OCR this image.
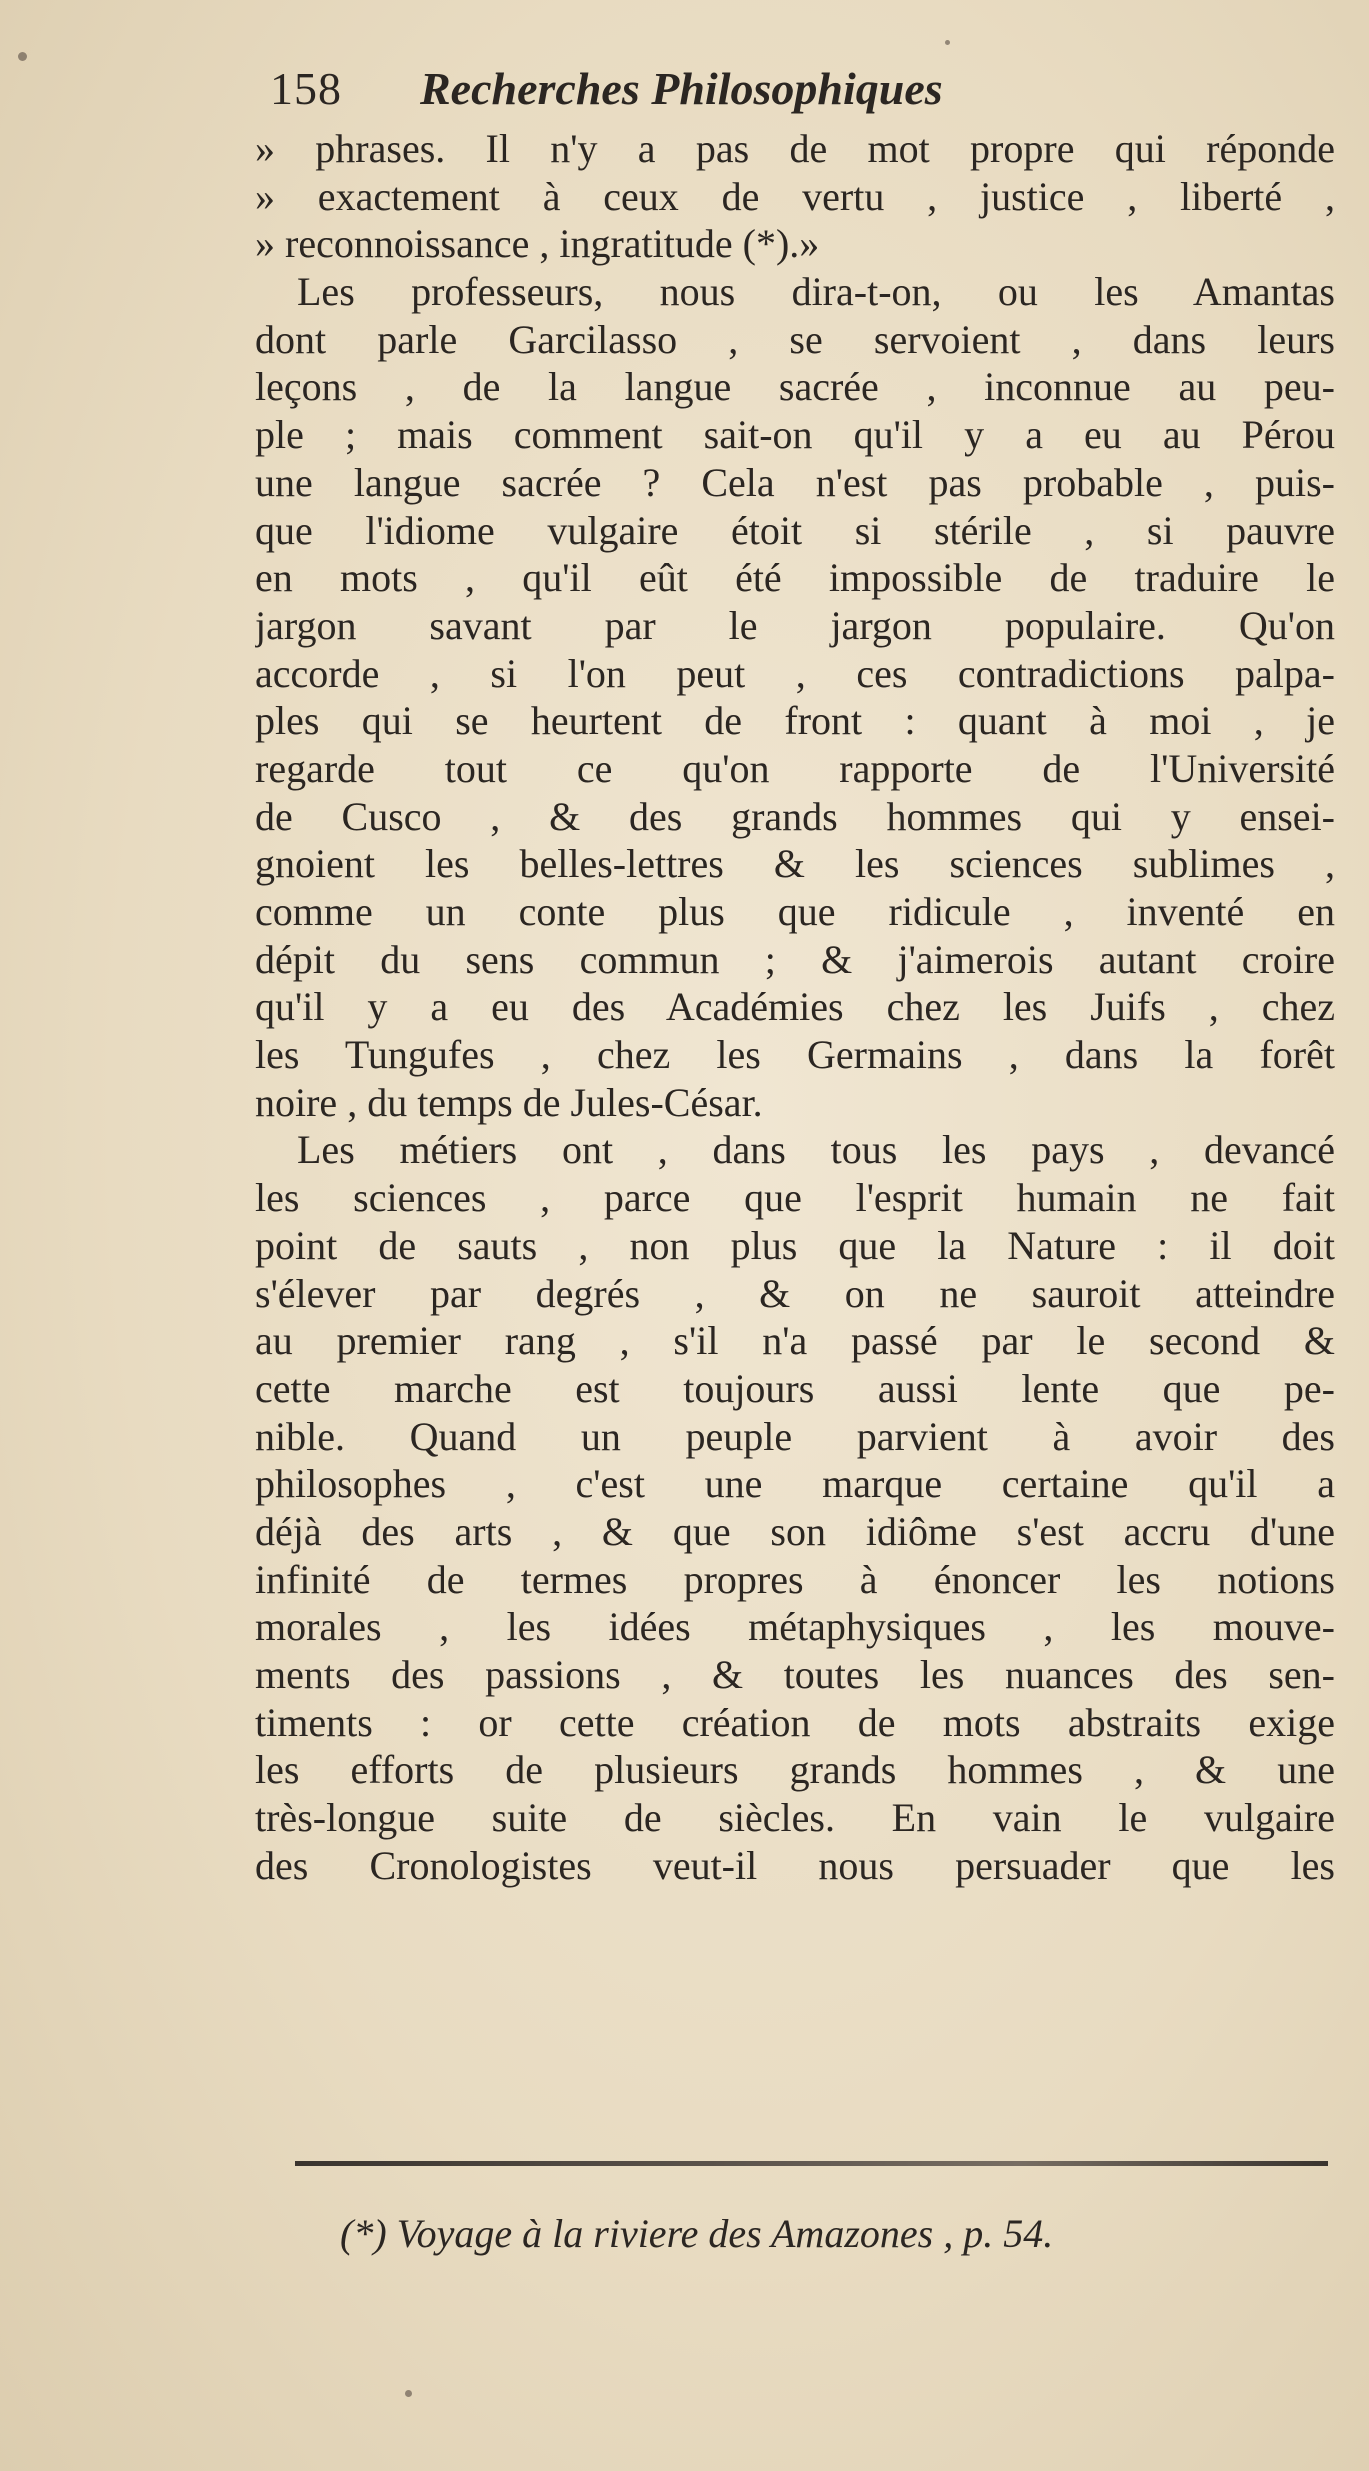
158 Recherches Philosophiques
» phrases. Il n'y a pas de mot propre qui réponde
» exactement à ceux de vertu , justice , liberté ,
» reconnoissance , ingratitude (*).»
Les professeurs, nous dira-t-on, ou les Amantas
dont parle Garcilasso , se servoient , dans leurs
leçons , de la langue sacrée , inconnue au peu-
ple ; mais comment sait-on qu'il y a eu au Pérou
une langue sacrée ? Cela n'est pas probable , puis-
que l'idiome vulgaire étoit si stérile , si pauvre
en mots , qu'il eût été impossible de traduire le
jargon savant par le jargon populaire. Qu'on
accorde , si l'on peut , ces contradictions palpa-
ples qui se heurtent de front : quant à moi , je
regarde tout ce qu'on rapporte de l'Université
de Cusco , & des grands hommes qui y ensei-
gnoient les belles-lettres & les sciences sublimes ,
comme un conte plus que ridicule , inventé en
dépit du sens commun ; & j'aimerois autant croire
qu'il y a eu des Académies chez les Juifs , chez
les Tungufes , chez les Germains , dans la forêt
noire , du temps de Jules-César.
Les métiers ont , dans tous les pays , devancé
les sciences , parce que l'esprit humain ne fait
point de sauts , non plus que la Nature : il doit
s'élever par degrés , & on ne sauroit atteindre
au premier rang , s'il n'a passé par le second &
cette marche est toujours aussi lente que pe-
nible. Quand un peuple parvient à avoir des
philosophes , c'est une marque certaine qu'il a
déjà des arts , & que son idiôme s'est accru d'une
infinité de termes propres à énoncer les notions
morales , les idées métaphysiques , les mouve-
ments des passions , & toutes les nuances des sen-
timents : or cette création de mots abstraits exige
les efforts de plusieurs grands hommes , & une
très-longue suite de siècles. En vain le vulgaire
des Cronologistes veut-il nous persuader que les
(*) Voyage à la riviere des Amazones , p. 54.
